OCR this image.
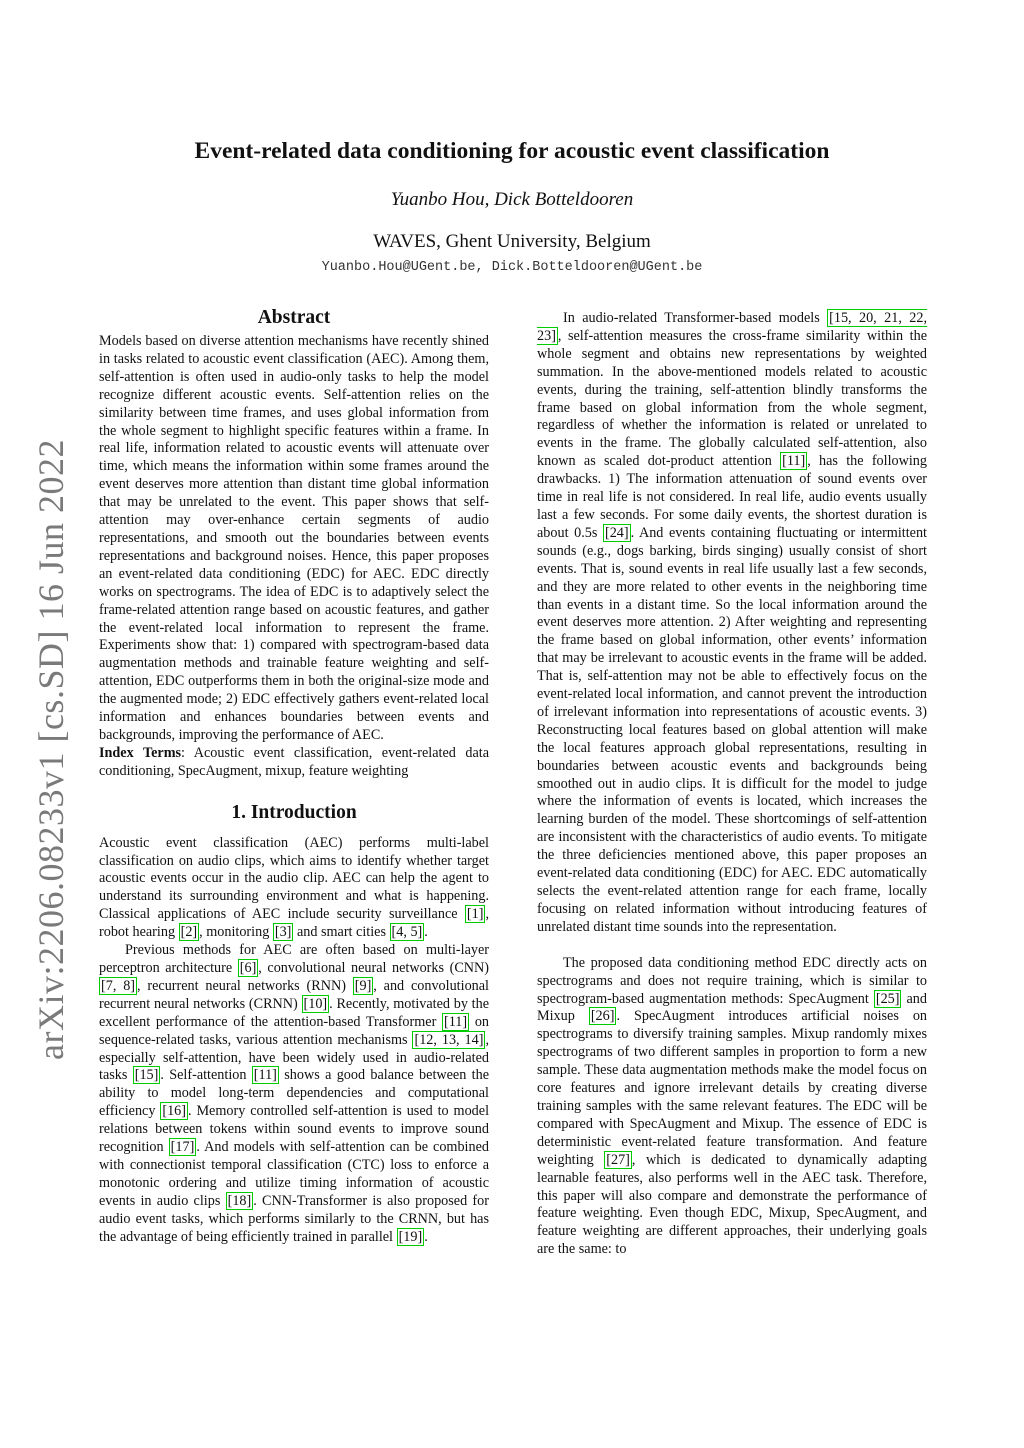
arXiv:2206.08233v1 [cs.SD] 16 Jun 2022
Event-related data conditioning for acoustic event classification
Yuanbo Hou, Dick Botteldooren
WAVES, Ghent University, Belgium
Yuanbo.Hou@UGent.be, Dick.Botteldooren@UGent.be
Abstract

Models based on diverse attention mechanisms have recently shined in tasks related to acoustic event classification (AEC). Among them, self-attention is often used in audio-only tasks to help the model recognize different acoustic events. Self-attention relies on the similarity between time frames, and uses global information from the whole segment to highlight specific features within a frame. In real life, information related to acoustic events will attenuate over time, which means the information within some frames around the event deserves more attention than distant time global information that may be unrelated to the event. This paper shows that self-attention may over-enhance certain segments of audio representations, and smooth out the boundaries between events representations and background noises. Hence, this paper proposes an event-related data conditioning (EDC) for AEC. EDC directly works on spectrograms. The idea of EDC is to adaptively select the frame-related attention range based on acoustic features, and gather the event-related local information to represent the frame. Experiments show that: 1) compared with spectrogram-based data augmentation methods and trainable feature weighting and self-attention, EDC outperforms them in both the original-size mode and the augmented mode; 2) EDC effectively gathers event-related local information and enhances boundaries between events and backgrounds, improving the performance of AEC.

Index Terms: Acoustic event classification, event-related data conditioning, SpecAugment, mixup, feature weighting

1. Introduction

Acoustic event classification (AEC) performs multi-label classification on audio clips, which aims to identify whether target acoustic events occur in the audio clip. AEC can help the agent to understand its surrounding environment and what is happening. Classical applications of AEC include security surveillance [1] , robot hearing [2] , monitoring [3] and smart cities [4, 5] .

Previous methods for AEC are often based on multi-layer perceptron architecture [6] , convolutional neural networks (CNN) [7, 8] , recurrent neural networks (RNN) [9] , and convolutional recurrent neural networks (CRNN) [10] . Recently, motivated by the excellent performance of the attention-based Transformer [11] on sequence-related tasks, various attention mechanisms [12, 13, 14] , especially self-attention, have been widely used in audio-related tasks [15] . Self-attention [11] shows a good balance between the ability to model long-term dependencies and computational efficiency [16] . Memory controlled self-attention is used to model relations between tokens within sound events to improve sound recognition [17] . And models with self-attention can be combined with connectionist temporal classification (CTC) loss to enforce a monotonic ordering and utilize timing information of acoustic events in audio clips [18] . CNN-Transformer is also proposed for audio event tasks, which performs similarly to the CRNN, but has the advantage of being efficiently trained in parallel [19] .

In audio-related Transformer-based models [15, 20, 21, 22, 23] , self-attention measures the cross-frame similarity within the whole segment and obtains new representations by weighted summation. In the above-mentioned models related to acoustic events, during the training, self-attention blindly transforms the frame based on global information from the whole segment, regardless of whether the information is related or unrelated to events in the frame. The globally calculated self-attention, also known as scaled dot-product attention [11] , has the following drawbacks. 1) The information attenuation of sound events over time in real life is not considered. In real life, audio events usually last a few seconds. For some daily events, the shortest duration is about 0.5s [24] . And events containing fluctuating or intermittent sounds (e.g., dogs barking, birds singing) usually consist of short events. That is, sound events in real life usually last a few seconds, and they are more related to other events in the neighboring time than events in a distant time. So the local information around the event deserves more attention. 2) After weighting and representing the frame based on global information, other events’ information that may be irrelevant to acoustic events in the frame will be added. That is, self-attention may not be able to effectively focus on the event-related local information, and cannot prevent the introduction of irrelevant information into representations of acoustic events. 3) Reconstructing local features based on global attention will make the local features approach global representations, resulting in boundaries between acoustic events and backgrounds being smoothed out in audio clips. It is difficult for the model to judge where the information of events is located, which increases the learning burden of the model. These shortcomings of self-attention are inconsistent with the characteristics of audio events. To mitigate the three deficiencies mentioned above, this paper proposes an event-related data conditioning (EDC) for AEC. EDC automatically selects the event-related attention range for each frame, locally focusing on related information without introducing features of unrelated distant time sounds into the representation.

The proposed data conditioning method EDC directly acts on spectrograms and does not require training, which is similar to spectrogram-based augmentation methods: SpecAugment [25] and Mixup [26] . SpecAugment introduces artificial noises on spectrograms to diversify training samples. Mixup randomly mixes spectrograms of two different samples in proportion to form a new sample. These data augmentation methods make the model focus on core features and ignore irrelevant details by creating diverse training samples with the same relevant features. The EDC will be compared with SpecAugment and Mixup. The essence of EDC is deterministic event-related feature transformation. And feature weighting [27] , which is dedicated to dynamically adapting learnable features, also performs well in the AEC task. Therefore, this paper will also compare and demonstrate the performance of feature weighting. Even though EDC, Mixup, SpecAugment, and feature weighting are different approaches, their underlying goals are the same: to
